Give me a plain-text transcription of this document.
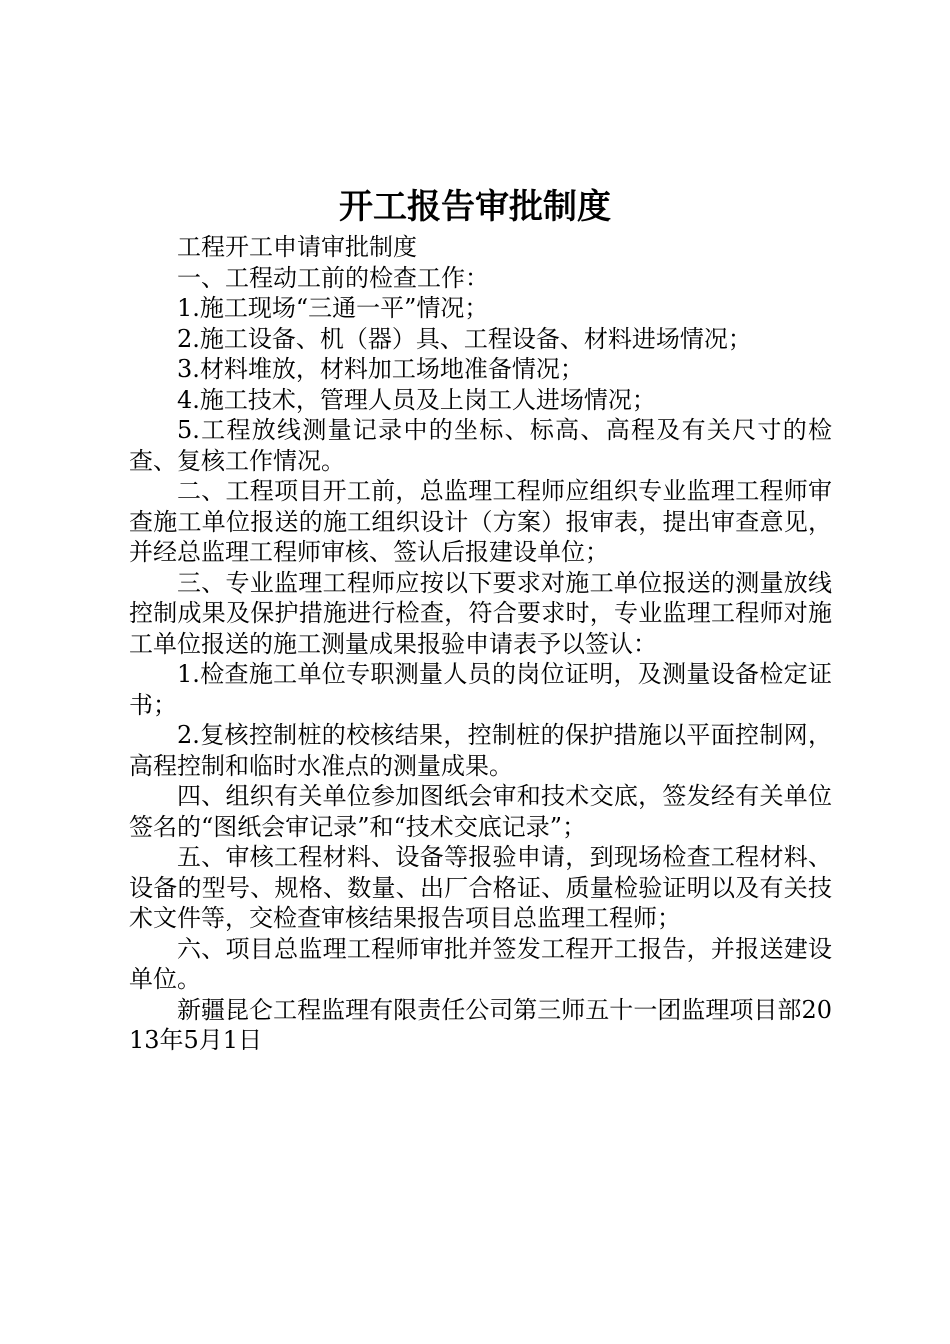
开工报告审批制度

工程开工申请审批制度

一、工程动工前的检查工作：

1.施工现场“三通一平”情况；

2.施工设备、机（器）具、工程设备、材料进场情况；

3.材料堆放，材料加工场地准备情况；

4.施工技术，管理人员及上岗工人进场情况；

5.工程放线测量记录中的坐标、标高、高程及有关尺寸的检查、复核工作情况。

二、工程项目开工前，总监理工程师应组织专业监理工程师审查施工单位报送的施工组织设计（方案）报审表，提出审查意见，并经总监理工程师审核、签认后报建设单位；

三、专业监理工程师应按以下要求对施工单位报送的测量放线控制成果及保护措施进行检查，符合要求时，专业监理工程师对施工单位报送的施工测量成果报验申请表予以签认：

1.检查施工单位专职测量人员的岗位证明，及测量设备检定证书；

2.复核控制桩的校核结果，控制桩的保护措施以平面控制网，高程控制和临时水准点的测量成果。

四、组织有关单位参加图纸会审和技术交底，签发经有关单位签名的“图纸会审记录”和“技术交底记录”；

五、审核工程材料、设备等报验申请，到现场检查工程材料、设备的型号、规格、数量、出厂合格证、质量检验证明以及有关技术文件等，交检查审核结果报告项目总监理工程师；

六、项目总监理工程师审批并签发工程开工报告，并报送建设单位。

新疆昆仑工程监理有限责任公司第三师五十一团监理项目部2013年5月1日
